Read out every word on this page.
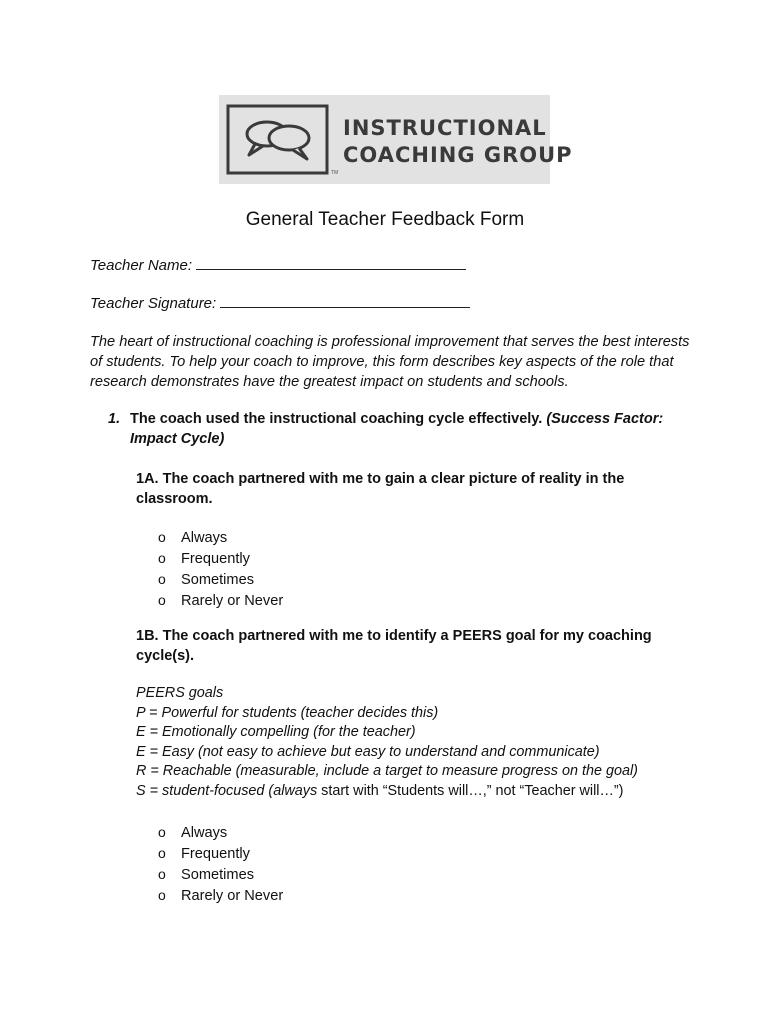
INSTRUCTIONAL
COACHING GROUP
TM
General Teacher Feedback Form
Teacher Name:
Teacher Signature:

The heart of instructional coaching is professional improvement that serves the best interests of students. To help your coach to improve, this form describes key aspects of the role that research demonstrates have the greatest impact on students and schools.

1. The coach used the instructional coaching cycle effectively. (Success Factor: Impact Cycle)

1A. The coach partnered with me to gain a clear picture of reality in the classroom.

o Always
o Frequently
o Sometimes
o Rarely or Never

1B. The coach partnered with me to identify a PEERS goal for my coaching cycle(s).

PEERS goals
P = Powerful for students (teacher decides this)
E = Emotionally compelling (for the teacher)
E = Easy (not easy to achieve but easy to understand and communicate)
R = Reachable (measurable, include a target to measure progress on the goal)
S = student-focused (always start with “Students will…,” not “Teacher will…”)
o Always
o Frequently
o Sometimes
o Rarely or Never
